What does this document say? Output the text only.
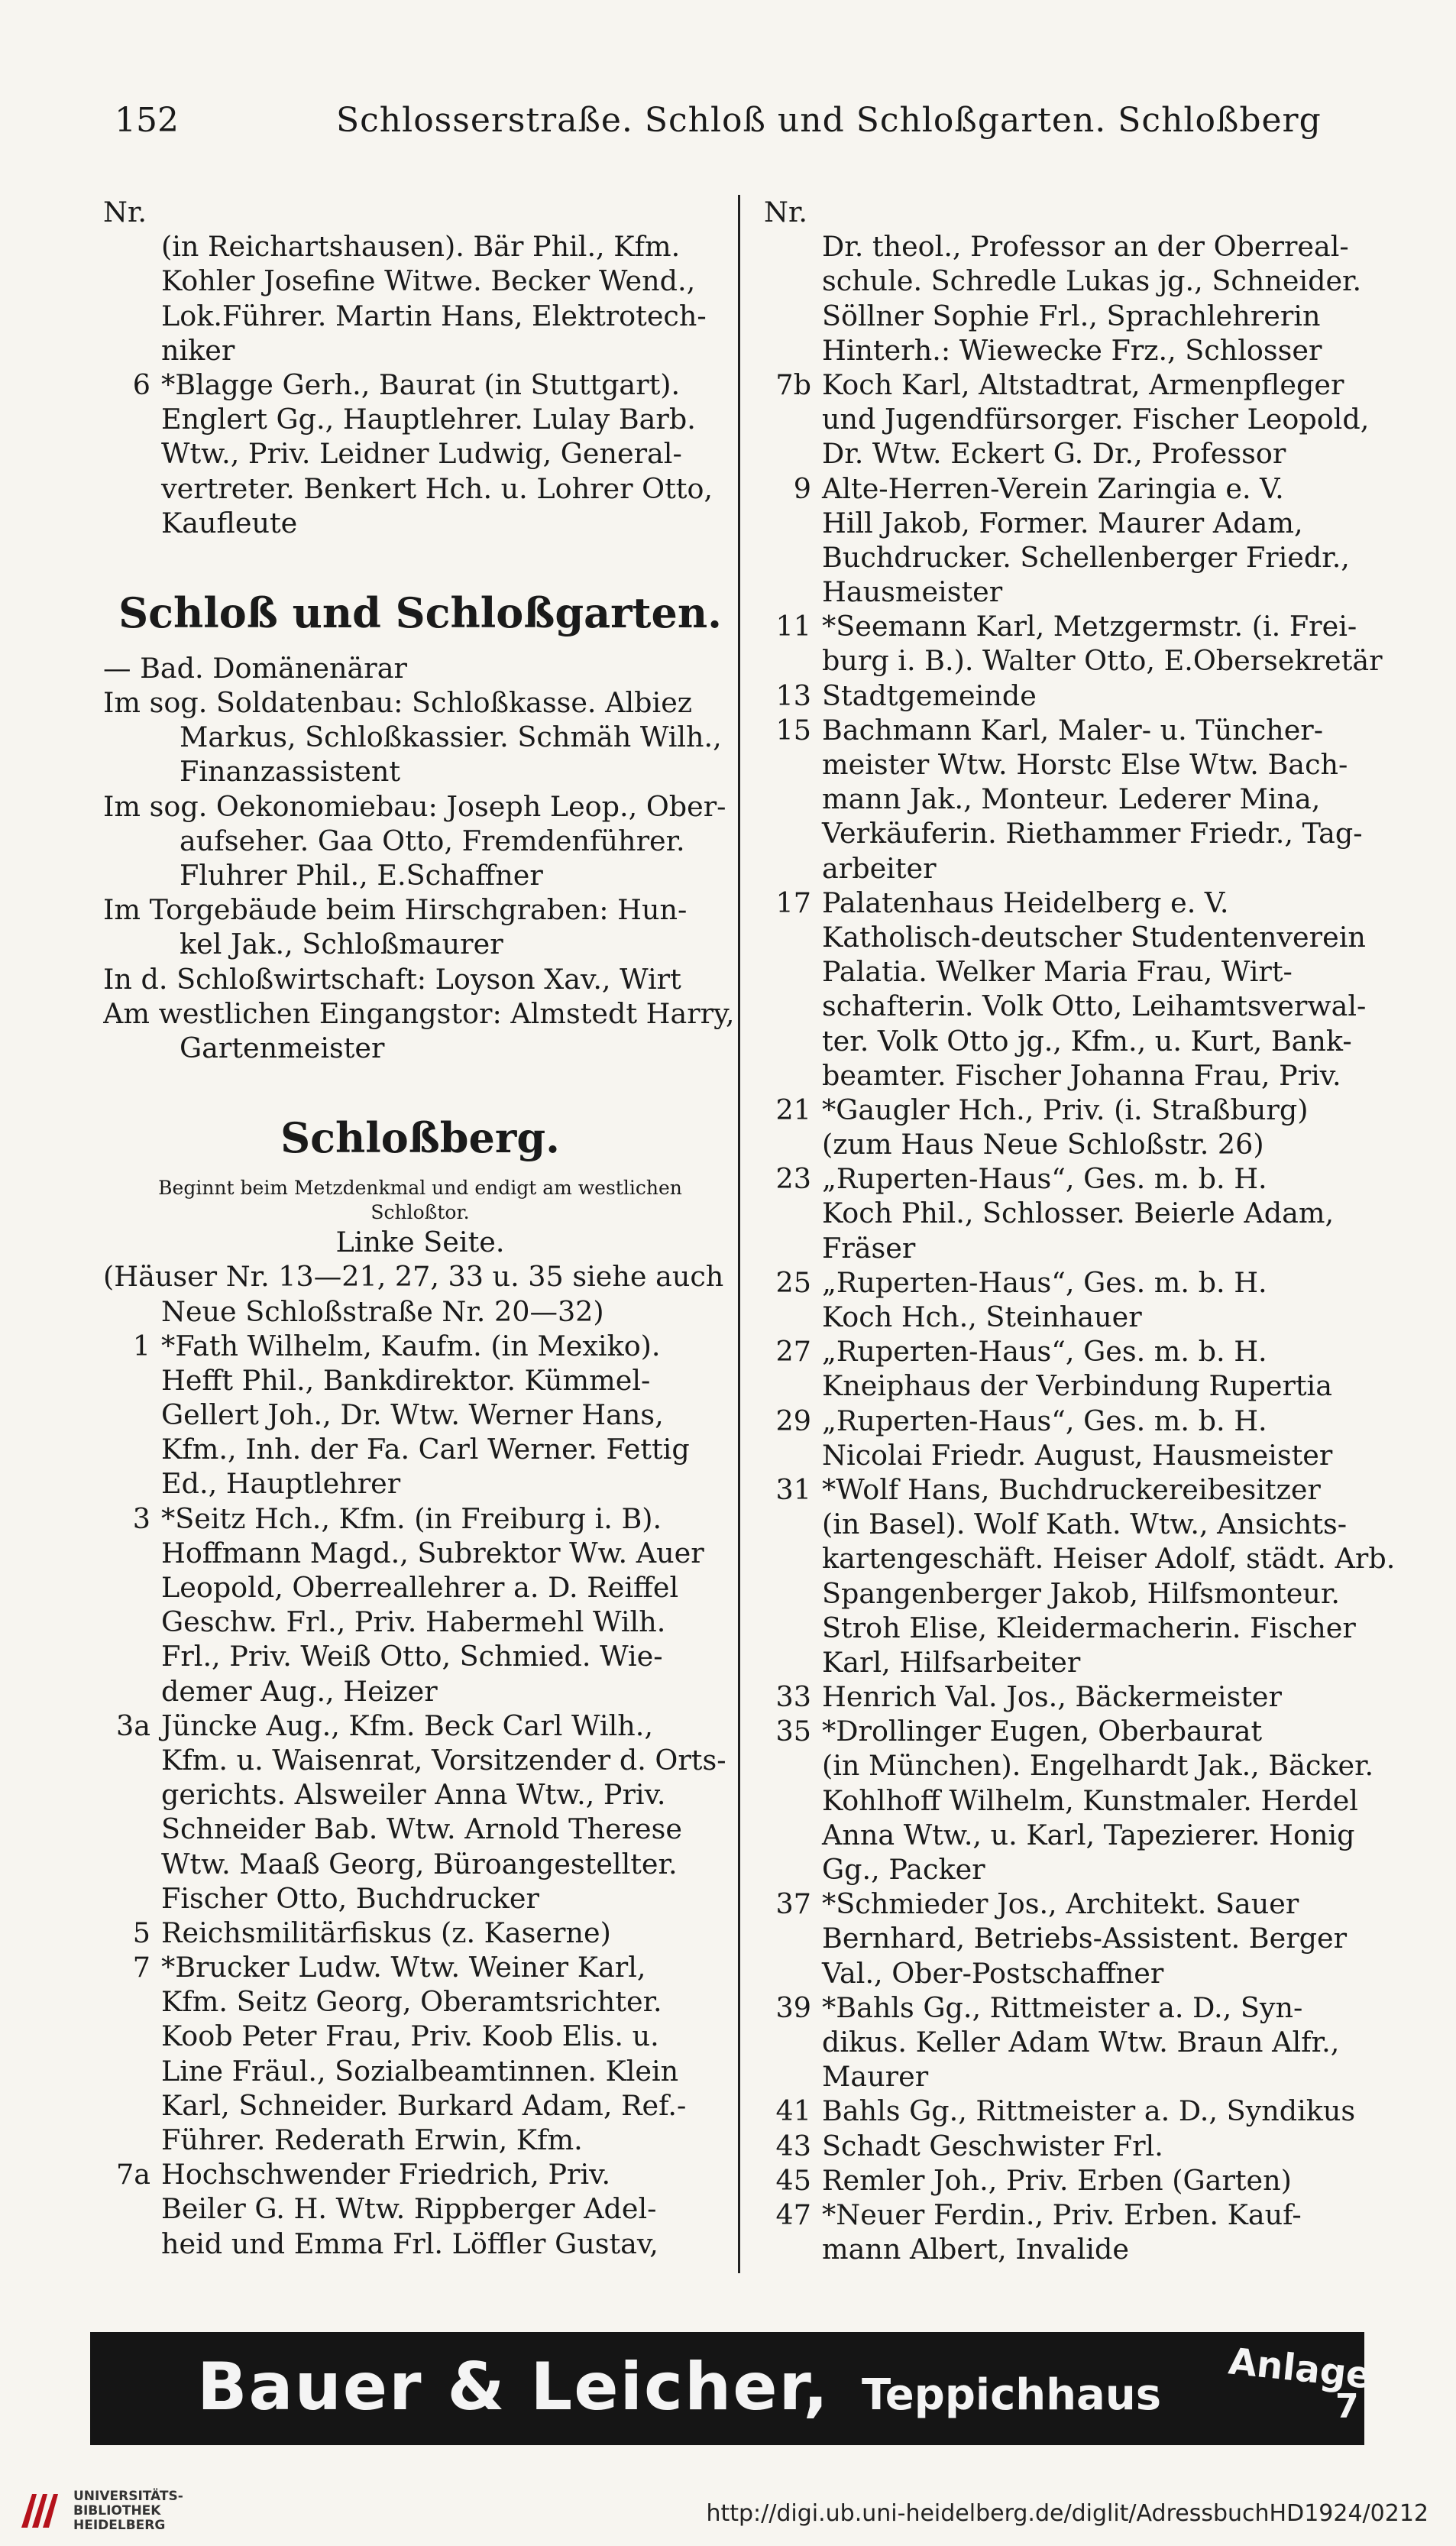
152	Schlosserstraße. Schloß und Schloßgarten. Schloßberg
Nr.
(in Reichartshausen). Bär Phil., Kfm.
Kohler Josefine Witwe. Becker Wend.,
Lok.Führer. Martin Hans, Elektrotech-
niker
6 *Blagge Gerh., Baurat (in Stuttgart).
Englert Gg., Hauptlehrer. Lulay Barb.
Wtw., Priv. Leidner Ludwig, General-
vertreter. Benkert Hch. u. Lohrer Otto,
Kaufleute
Schloß und Schloßgarten.
— Bad. Domänenärar
Im sog. Soldatenbau: Schloßkasse. Albiez
Markus, Schloßkassier. Schmäh Wilh.,
Finanzassistent
Im sog. Oekonomiebau: Joseph Leop., Ober-
aufseher. Gaa Otto, Fremdenführer.
Fluhrer Phil., E.Schaffner
Im Torgebäude beim Hirschgraben: Hun-
kel Jak., Schloßmaurer
In d. Schloßwirtschaft: Loyson Xav., Wirt
Am westlichen Eingangstor: Almstedt Harry,
Gartenmeister
Schloßberg.
Beginnt beim Metzdenkmal und endigt am westlichen
Schloßtor.
Linke Seite.
(Häuser Nr. 13—21, 27, 33 u. 35 siehe auch
Neue Schloßstraße Nr. 20—32)
1 *Fath Wilhelm, Kaufm. (in Mexiko).
Hefft Phil., Bankdirektor. Kümmel-
Gellert Joh., Dr. Wtw. Werner Hans,
Kfm., Inh. der Fa. Carl Werner. Fettig
Ed., Hauptlehrer
3 *Seitz Hch., Kfm. (in Freiburg i. B).
Hoffmann Magd., Subrektor Ww. Auer
Leopold, Oberreallehrer a. D. Reiffel
Geschw. Frl., Priv. Habermehl Wilh.
Frl., Priv. Weiß Otto, Schmied. Wie-
demer Aug., Heizer
3a Jüncke Aug., Kfm. Beck Carl Wilh.,
Kfm. u. Waisenrat, Vorsitzender d. Orts-
gerichts. Alsweiler Anna Wtw., Priv.
Schneider Bab. Wtw. Arnold Therese
Wtw. Maaß Georg, Büroangestellter.
Fischer Otto, Buchdrucker
5 Reichsmilitärfiskus (z. Kaserne)
7 *Brucker Ludw. Wtw. Weiner Karl,
Kfm. Seitz Georg, Oberamtsrichter.
Koob Peter Frau, Priv. Koob Elis. u.
Line Fräul., Sozialbeamtinnen. Klein
Karl, Schneider. Burkard Adam, Ref.-
Führer. Rederath Erwin, Kfm.
7a Hochschwender Friedrich, Priv.
Beiler G. H. Wtw. Rippberger Adel-
heid und Emma Frl. Löffler Gustav,
Nr.
Dr. theol., Professor an der Oberreal-
schule. Schredle Lukas jg., Schneider.
Söllner Sophie Frl., Sprachlehrerin
Hinterh.: Wiewecke Frz., Schlosser
7b Koch Karl, Altstadtrat, Armenpfleger
und Jugendfürsorger. Fischer Leopold,
Dr. Wtw. Eckert G. Dr., Professor
9 Alte-Herren-Verein Zaringia e. V.
Hill Jakob, Former. Maurer Adam,
Buchdrucker. Schellenberger Friedr.,
Hausmeister
11 *Seemann Karl, Metzgermstr. (i. Frei-
burg i. B.). Walter Otto, E.Obersekretär
13 Stadtgemeinde
15 Bachmann Karl, Maler- u. Tüncher-
meister Wtw. Horstc Else Wtw. Bach-
mann Jak., Monteur. Lederer Mina,
Verkäuferin. Riethammer Friedr., Tag-
arbeiter
17 Palatenhaus Heidelberg e. V.
Katholisch-deutscher Studentenverein
Palatia. Welker Maria Frau, Wirt-
schafterin. Volk Otto, Leihamtsverwal-
ter. Volk Otto jg., Kfm., u. Kurt, Bank-
beamter. Fischer Johanna Frau, Priv.
21 *Gaugler Hch., Priv. (i. Straßburg)
(zum Haus Neue Schloßstr. 26)
23 „Ruperten-Haus“, Ges. m. b. H.
Koch Phil., Schlosser. Beierle Adam,
Fräser
25 „Ruperten-Haus“, Ges. m. b. H.
Koch Hch., Steinhauer
27 „Ruperten-Haus“, Ges. m. b. H.
Kneiphaus der Verbindung Rupertia
29 „Ruperten-Haus“, Ges. m. b. H.
Nicolai Friedr. August, Hausmeister
31 *Wolf Hans, Buchdruckereibesitzer
(in Basel). Wolf Kath. Wtw., Ansichts-
kartengeschäft. Heiser Adolf, städt. Arb.
Spangenberger Jakob, Hilfsmonteur.
Stroh Elise, Kleidermacherin. Fischer
Karl, Hilfsarbeiter
33 Henrich Val. Jos., Bäckermeister
35 *Drollinger Eugen, Oberbaurat
(in München). Engelhardt Jak., Bäcker.
Kohlhoff Wilhelm, Kunstmaler. Herdel
Anna Wtw., u. Karl, Tapezierer. Honig
Gg., Packer
37 *Schmieder Jos., Architekt. Sauer
Bernhard, Betriebs-Assistent. Berger
Val., Ober-Postschaffner
39 *Bahls Gg., Rittmeister a. D., Syn-
dikus. Keller Adam Wtw. Braun Alfr.,
Maurer
41 Bahls Gg., Rittmeister a. D., Syndikus
43 Schadt Geschwister Frl.
45 Remler Joh., Priv. Erben (Garten)
47 *Neuer Ferdin., Priv. Erben. Kauf-
mann Albert, Invalide
Bauer & Leicher, Teppichhaus Anlage
7
UNIVERSITÄTS-
BIBLIOTHEK
HEIDELBERG	http://digi.ub.uni-heidelberg.de/diglit/AdressbuchHD1924/0212
